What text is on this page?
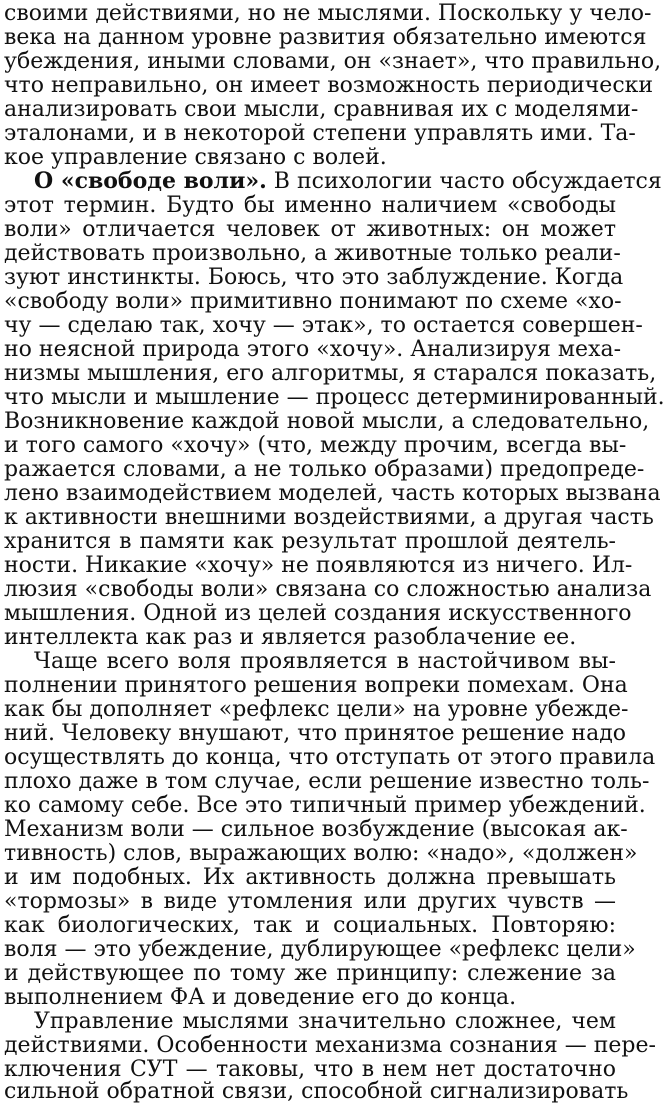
своими действиями, но не мыслями. Поскольку у чело-
века на данном уровне развития обязательно имеются
убеждения, иными словами, он «знает», что правильно,
что неправильно, он имеет возможность периодически
анализировать свои мысли, сравнивая их с моделями-
эталонами, и в некоторой степени управлять ими. Та-
кое управление связано с волей.
О «свободе воли». В психологии часто обсуждается
этот термин. Будто бы именно наличием «свободы
воли» отличается человек от животных: он может
действовать произвольно, а животные только реали-
зуют инстинкты. Боюсь, что это заблуждение. Когда
«свободу воли» примитивно понимают по схеме «хо-
чу — сделаю так, хочу — этак», то остается совершен-
но неясной природа этого «хочу». Анализируя меха-
низмы мышления, его алгоритмы, я старался показать,
что мысли и мышление — процесс детерминированный.
Возникновение каждой новой мысли, а следовательно,
и того самого «хочу» (что, между прочим, всегда вы-
ражается словами, а не только образами) предопреде-
лено взаимодействием моделей, часть которых вызвана
к активности внешними воздействиями, а другая часть
хранится в памяти как результат прошлой деятель-
ности. Никакие «хочу» не появляются из ничего. Ил-
люзия «свободы воли» связана со сложностью анализа
мышления. Одной из целей создания искусственного
интеллекта как раз и является разоблачение ее.
Чаще всего воля проявляется в настойчивом вы-
полнении принятого решения вопреки помехам. Она
как бы дополняет «рефлекс цели» на уровне убежде-
ний. Человеку внушают, что принятое решение надо
осуществлять до конца, что отступать от этого правила
плохо даже в том случае, если решение известно толь-
ко самому себе. Все это типичный пример убеждений.
Механизм воли — сильное возбуждение (высокая ак-
тивность) слов, выражающих волю: «надо», «должен»
и им подобных. Их активность должна превышать
«тормозы» в виде утомления или других чувств —
как биологических, так и социальных. Повторяю:
воля — это убеждение, дублирующее «рефлекс цели»
и действующее по тому же принципу: слежение за
выполнением ФА и доведение его до конца.
Управление мыслями значительно сложнее, чем
действиями. Особенности механизма сознания — пере-
ключения СУТ — таковы, что в нем нет достаточно
сильной обратной связи, способной сигнализировать
